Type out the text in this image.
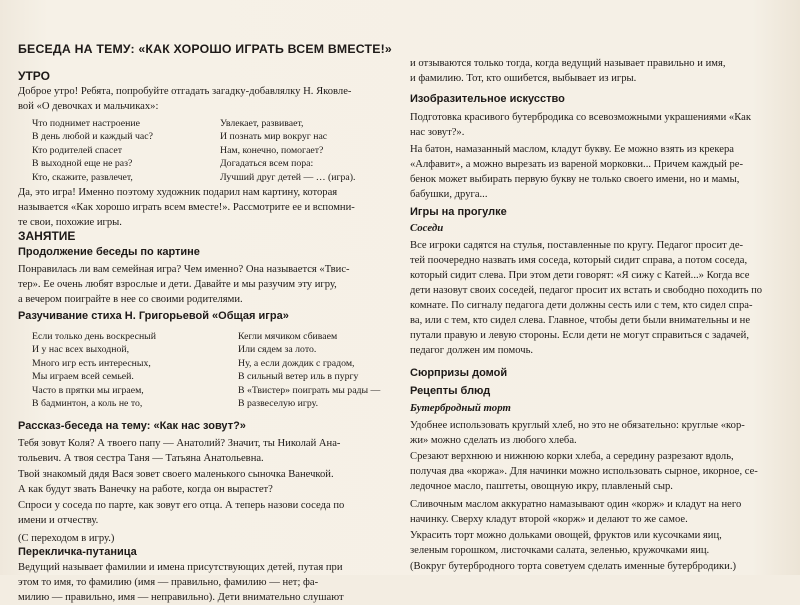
БЕСЕДА НА ТЕМУ: «КАК ХОРОШО ИГРАТЬ ВСЕМ ВМЕСТЕ!»
УТРО
Доброе утро! Ребята, попробуйте отгадать загадку-добавлялку Н. Яковле-
вой «О девочках и мальчиках»:
Что поднимет настроение
В день любой и каждый час?
Кто родителей спасет
В выходной еще не раз?
Кто, скажите, развлечет,
Увлекает, развивает,
И познать мир вокруг нас
Нам, конечно, помогает?
Догадаться всем пора:
Лучший друг детей — … (игра).
Да, это игра! Именно поэтому художник подарил нам картину, которая
называется «Как хорошо играть всем вместе!». Рассмотрите ее и вспомни-
те свои, похожие игры.
ЗАНЯТИЕ
Продолжение беседы по картине
Понравилась ли вам семейная игра? Чем именно? Она называется «Твис-
тер». Ее очень любят взрослые и дети. Давайте и мы разучим эту игру,
а вечером поиграйте в нее со своими родителями.
Разучивание стиха Н. Григорьевой «Общая игра»
Если только день воскресный
И у нас всех выходной,
Много игр есть интересных,
Мы играем всей семьей.
Часто в прятки мы играем,
В бадминтон, а коль не то,
Кегли мячиком сбиваем
Или сядем за лото.
Ну, а если дождик с градом,
В сильный ветер иль в пургу
В «Твистер» поиграть мы рады —
В развеселую игру.
Рассказ-беседа на тему: «Как нас зовут?»
Тебя зовут Коля? А твоего папу — Анатолий? Значит, ты Николай Ана-
тольевич. А твоя сестра Таня — Татьяна Анатольевна.
Твой знакомый дядя Вася зовет своего маленького сыночка Ванечкой.
А как будут звать Ванечку на работе, когда он вырастет?
Спроси у соседа по парте, как зовут его отца. А теперь назови соседа по
имени и отчеству.
(С переходом в игру.)
Перекличка-путаница
Ведущий называет фамилии и имена присутствующих детей, путая при
этом то имя, то фамилию (имя — правильно, фамилию — нет; фа-
милию — правильно, имя — неправильно). Дети внимательно слушают
и отзываются только тогда, когда ведущий называет правильно и имя,
и фамилию. Тот, кто ошибется, выбывает из игры.
Изобразительное искусство
Подготовка красивого бутербродика со всевозможными украшениями «Как
нас зовут?».
На батон, намазанный маслом, кладут букву. Ее можно взять из крекера
«Алфавит», а можно вырезать из вареной морковки... Причем каждый ре-
бенок может выбирать первую букву не только своего имени, но и мамы,
бабушки, друга...
Игры на прогулке
Соседи
Все игроки садятся на стулья, поставленные по кругу. Педагог просит де-
тей поочередно назвать имя соседа, который сидит справа, а потом соседа,
который сидит слева. При этом дети говорят: «Я сижу с Катей...» Когда все
дети назовут своих соседей, педагог просит их встать и свободно походить по
комнате. По сигналу педагога дети должны сесть или с тем, кто сидел спра-
ва, или с тем, кто сидел слева. Главное, чтобы дети были внимательны и не
путали правую и левую стороны. Если дети не могут справиться с задачей,
педагог должен им помочь.
Сюрпризы домой
Рецепты блюд
Бутербродный торт
Удобнее использовать круглый хлеб, но это не обязательно: круглые «кор-
жи» можно сделать из любого хлеба.
Срезают верхнюю и нижнюю корки хлеба, а середину разрезают вдоль,
получая два «коржа». Для начинки можно использовать сырное, икорное, се-
ледочное масло, паштеты, овощную икру, плавленый сыр.
Сливочным маслом аккуратно намазывают один «корж» и кладут на него
начинку. Сверху кладут второй «корж» и делают то же самое.
Украсить торт можно дольками овощей, фруктов или кусочками яиц,
зеленым горошком, листочками салата, зеленью, кружочками яиц.
(Вокруг бутербродного торта советуем сделать именные бутербродики.)
